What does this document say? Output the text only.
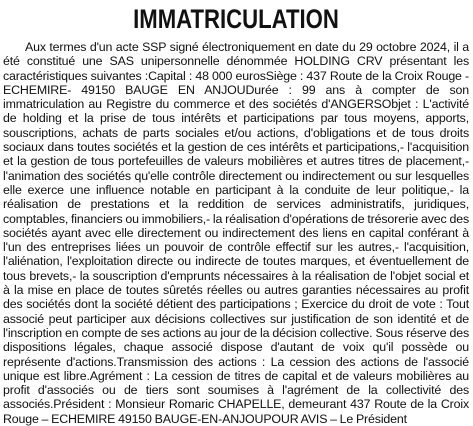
IMMATRICULATION

Aux termes d'un acte SSP signé électroniquement en date du 29 octobre 2024, il a été constitué une SAS unipersonnelle dénommée HOLDING CRV présentant les caractéristiques suivantes :Capital : 48 000 eurosSiège : 437 Route de la Croix Rouge - ECHEMIRE- 49150 BAUGE EN ANJOUDurée : 99 ans à compter de son immatriculation au Registre du commerce et des sociétés d'ANGERSObjet : L'activité de holding et la prise de tous intérêts et participations par tous moyens, apports, souscriptions, achats de parts sociales et/ou actions, d'obligations et de tous droits sociaux dans toutes sociétés et la gestion de ces intérêts et participations,- l'acquisition et la gestion de tous portefeuilles de valeurs mobilières et autres titres de placement,- l'animation des sociétés qu'elle contrôle directement ou indirectement ou sur lesquelles elle exerce une influence notable en participant à la conduite de leur politique,- la réalisation de prestations et la reddition de services administratifs, juridiques, comptables, financiers ou immobiliers,- la réalisation d'opérations de trésorerie avec des sociétés ayant avec elle directement ou indirectement des liens en capital conférant à l'un des entreprises liées un pouvoir de contrôle effectif sur les autres,- l'acquisition, l'aliénation, l'exploitation directe ou indirecte de toutes marques, et éventuellement de tous brevets,- la souscription d'emprunts nécessaires à la réalisation de l'objet social et à la mise en place de toutes sûretés réelles ou autres garanties nécessaires au profit des sociétés dont la société détient des participations ; Exercice du droit de vote : Tout associé peut participer aux décisions collectives sur justification de son identité et de l'inscription en compte de ses actions au jour de la décision collective. Sous réserve des dispositions légales, chaque associé dispose d'autant de voix qu'il possède ou représente d'actions.Transmission des actions : La cession des actions de l'associé unique est libre.Agrément : La cession de titres de capital et de valeurs mobilières au profit d'associés ou de tiers sont soumises à l'agrément de la collectivité des associés.Président : Monsieur Romaric CHAPELLE, demeurant 437 Route de la Croix Rouge – ECHEMIRE 49150 BAUGE-EN-ANJOUPOUR AVIS – Le Président
